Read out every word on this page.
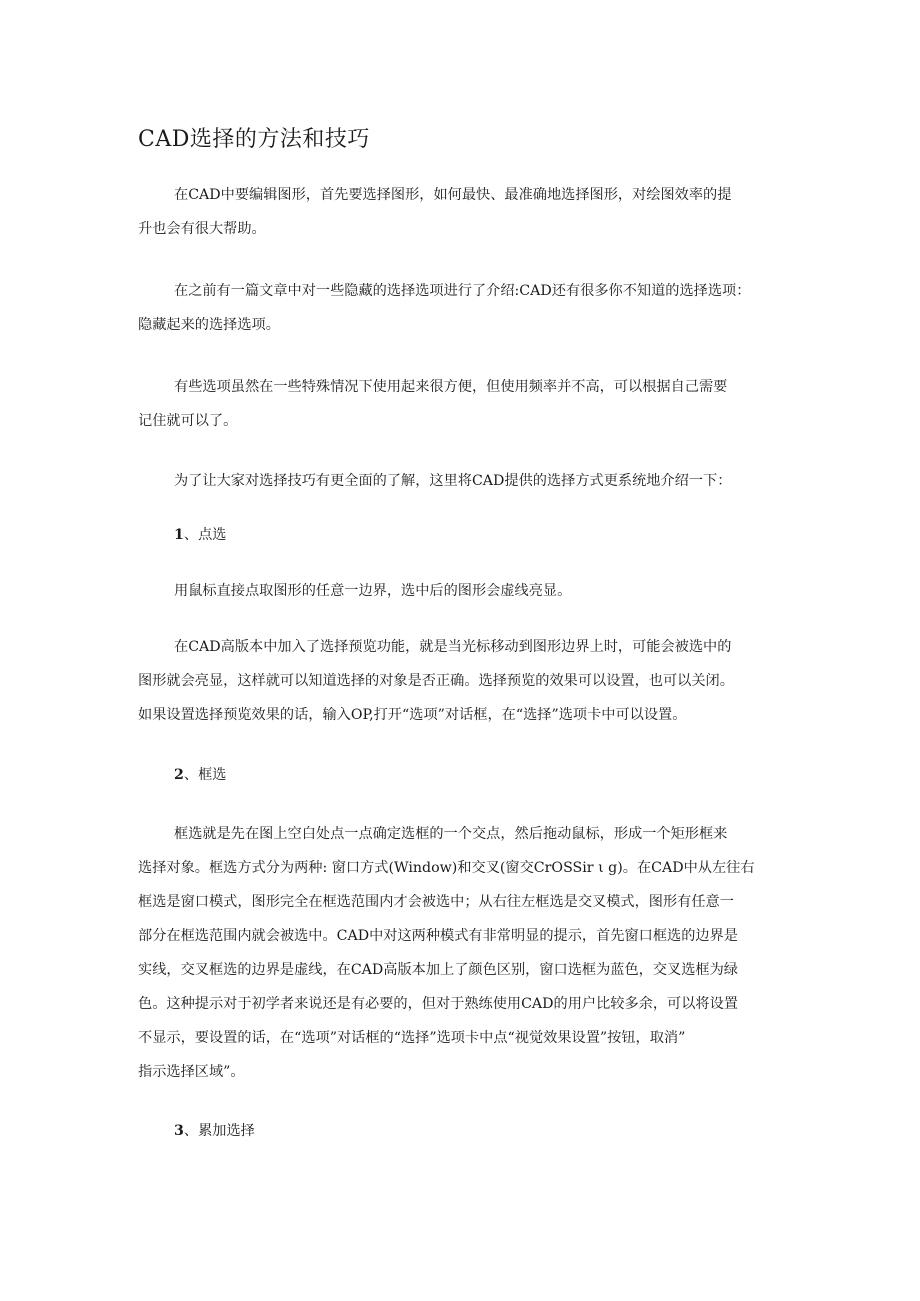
CAD选择的方法和技巧
在CAD中要编辑图形，首先要选择图形，如何最快、最准确地选择图形，对绘图效率的提
升也会有很大帮助。
在之前有一篇文章中对一些隐藏的选择选项进行了介绍:CAD还有很多你不知道的选择选项：
隐藏起来的选择选项。
有些选项虽然在一些特殊情况下使用起来很方便，但使用频率并不高，可以根据自己需要
记住就可以了。
为了让大家对选择技巧有更全面的了解，这里将CAD提供的选择方式更系统地介绍一下：
1、点选
用鼠标直接点取图形的任意一边界，选中后的图形会虚线亮显。
在CAD高版本中加入了选择预览功能，就是当光标移动到图形边界上时，可能会被选中的
图形就会亮显，这样就可以知道选择的对象是否正确。选择预览的效果可以设置，也可以关闭。
如果设置选择预览效果的话，输入OP,打开“选项”对话框，在“选择”选项卡中可以设置。
2、框选
框选就是先在图上空白处点一点确定选框的一个交点，然后拖动鼠标，形成一个矩形框来
选择对象。框选方式分为两种: 窗口方式(Window)和交叉(窗交CrOSSir ι g)。在CAD中从左往右
框选是窗口模式，图形完全在框选范围内才会被选中；从右往左框选是交叉模式，图形有任意一
部分在框选范围内就会被选中。CAD中对这两种模式有非常明显的提示，首先窗口框选的边界是
实线，交叉框选的边界是虚线，在CAD高版本加上了颜色区别，窗口选框为蓝色，交叉选框为绿
色。这种提示对于初学者来说还是有必要的，但对于熟练使用CAD的用户比较多余，可以将设置
不显示，要设置的话，在“选项”对话框的“选择”选项卡中点“视觉效果设置”按钮，取消”
指示选择区域”。
3、累加选择
